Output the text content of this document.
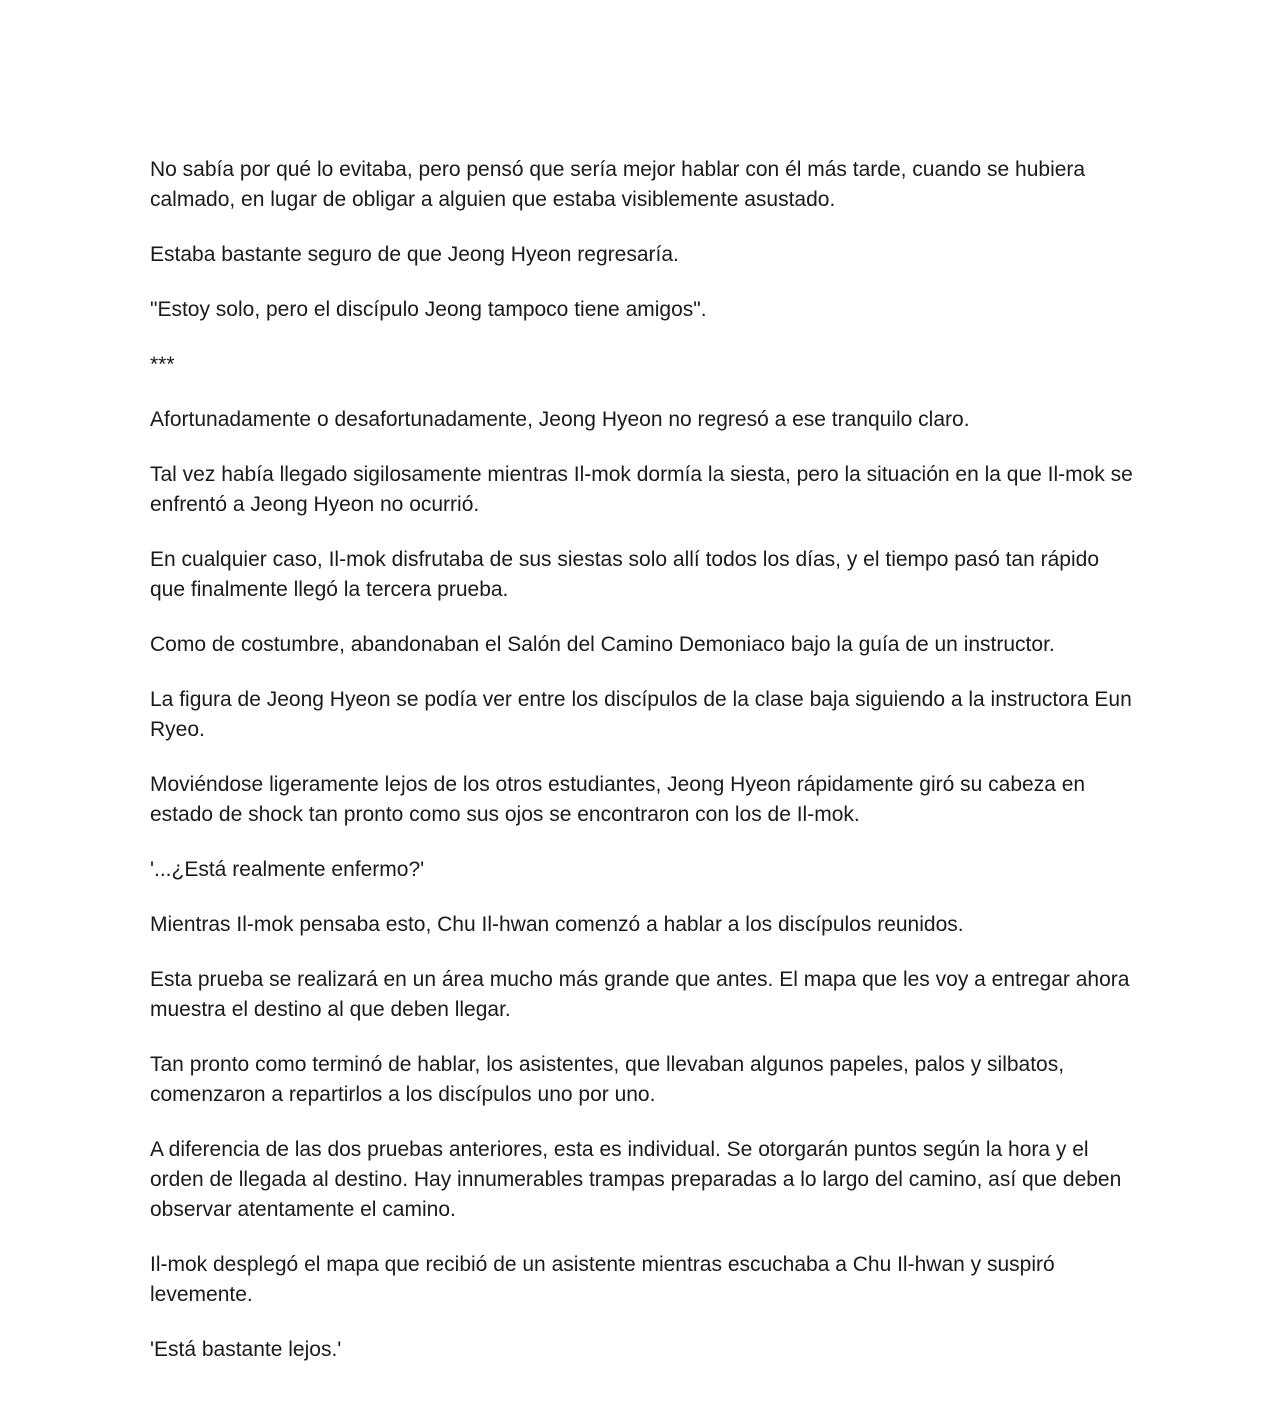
No sabía por qué lo evitaba, pero pensó que sería mejor hablar con él más tarde, cuando se hubiera calmado, en lugar de obligar a alguien que estaba visiblemente asustado.

Estaba bastante seguro de que Jeong Hyeon regresaría.

"Estoy solo, pero el discípulo Jeong tampoco tiene amigos".

***

Afortunadamente o desafortunadamente, Jeong Hyeon no regresó a ese tranquilo claro.

Tal vez había llegado sigilosamente mientras Il-mok dormía la siesta, pero la situación en la que Il-mok se enfrentó a Jeong Hyeon no ocurrió.

En cualquier caso, Il-mok disfrutaba de sus siestas solo allí todos los días, y el tiempo pasó tan rápido que finalmente llegó la tercera prueba.

Como de costumbre, abandonaban el Salón del Camino Demoniaco bajo la guía de un instructor.

La figura de Jeong Hyeon se podía ver entre los discípulos de la clase baja siguiendo a la instructora Eun Ryeo.

Moviéndose ligeramente lejos de los otros estudiantes, Jeong Hyeon rápidamente giró su cabeza en estado de shock tan pronto como sus ojos se encontraron con los de Il-mok.

'...¿Está realmente enfermo?'

Mientras Il-mok pensaba esto, Chu Il-hwan comenzó a hablar a los discípulos reunidos.

Esta prueba se realizará en un área mucho más grande que antes. El mapa que les voy a entregar ahora muestra el destino al que deben llegar.

Tan pronto como terminó de hablar, los asistentes, que llevaban algunos papeles, palos y silbatos, comenzaron a repartirlos a los discípulos uno por uno.

A diferencia de las dos pruebas anteriores, esta es individual. Se otorgarán puntos según la hora y el orden de llegada al destino. Hay innumerables trampas preparadas a lo largo del camino, así que deben observar atentamente el camino.

Il-mok desplegó el mapa que recibió de un asistente mientras escuchaba a Chu Il-hwan y suspiró levemente.

'Está bastante lejos.'
